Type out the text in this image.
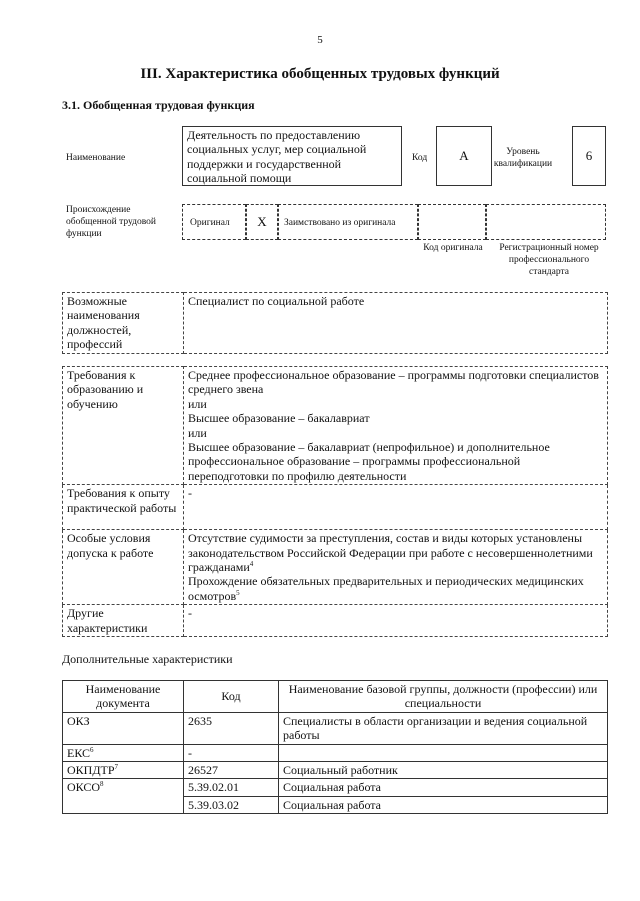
5
III. Характеристика обобщенных трудовых функций
3.1. Обобщенная трудовая функция
Наименование
Деятельность по предоставлению социальных услуг, мер социальной поддержки и государственной социальной помощи
Код	A	Уровень квалификации
6
Происхождение обобщенной трудовой функции
Оригинал	X	Заимствовано из оригинала
Код оригинала	Регистрационный номер профессионального стандарта
Возможные наименования должностей, профессий	Специалист по социальной работе
Требования к образованию и обучению	Среднее профессиональное образование – программы подготовки специалистов среднего звена
или
Высшее образование – бакалавриат
или
Высшее образование – бакалавриат (непрофильное) и дополнительное профессиональное образование – программы профессиональной переподготовки по профилю деятельности
Требования к опыту практической работы	-
Особые условия допуска к работе	Отсутствие судимости за преступления, состав и виды которых установлены законодательством Российской Федерации при работе с несовершеннолетними гражданами$^4$
Прохождение обязательных предварительных и периодических медицинских осмотров$^5$
Другие характеристики	-
Дополнительные характеристики
Наименование документа	Код	Наименование базовой группы, должности (профессии) или специальности
ОКЗ	2635	Специалисты в области организации и ведения социальной работы
ЕКС$^6$	-	
ОКПДТР$^7$	26527	Социальный работник
ОКСО$^8$	5.39.02.01	Социальная работа
	5.39.03.02	Социальная работа
